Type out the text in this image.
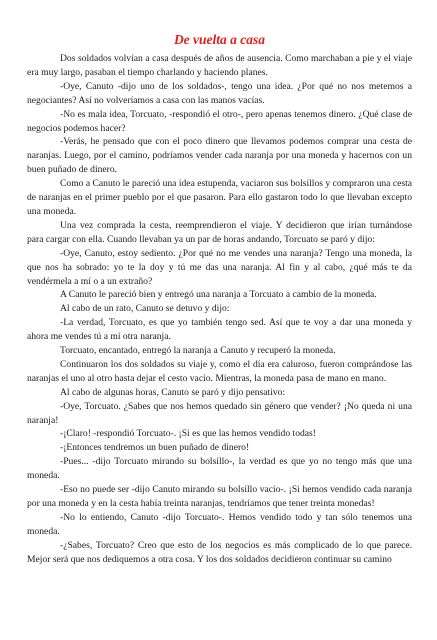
De vuelta a casa

Dos soldados volvían a casa después de años de ausencia. Como marchaban a pie y el viaje era muy largo, pasaban el tiempo charlando y haciendo planes.

-Oye, Canuto -dijo uno de los soldados-, tengo una idea. ¿Por qué no nos metemos a negociantes? Así no volveríamos a casa con las manos vacías.

-No es mala idea, Torcuato, -respondió el otro-, pero apenas tenemos dinero. ¿Qué clase de negocios podemos hacer?

-Verás, he pensado que con el poco dinero que llevamos podemos comprar una cesta de naranjas. Luego, por el camino, podríamos vender cada naranja por una moneda y hacernos con un buen puñado de dinero.

Como a Canuto le pareció una idea estupenda, vaciaron sus bolsillos y compraron una cesta de naranjas en el primer pueblo por el que pasaron. Para ello gastaron todo lo que llevaban excepto una moneda.

Una vez comprada la cesta, reemprendieron el viaje. Y decidieron que irían turnándose para cargar con ella. Cuando llevaban ya un par de horas andando, Torcuato se paró y dijo:

-Oye, Canuto, estoy sediento. ¿Por qué no me vendes una naranja? Tengo una moneda, la que nos ha sobrado: yo te la doy y tú me das una naranja. Al fin y al cabo, ¿qué más te da vendérmela a mí o a un extraño?

A Canuto le pareció bien y entregó una naranja a Torcuato a cambio de la moneda.

Al cabo de un rato, Canuto se detuvo y dijo:

-La verdad, Torcuato, es que yo también tengo sed. Así que te voy a dar una moneda y ahora me vendes tú a mí otra naranja.

Torcuato, encantado, entregó la naranja a Canuto y recuperó la moneda.

Continuaron los dos soldados su viaje y, como el día era caluroso, fueron comprándose las naranjas el uno al otro hasta dejar el cesto vacío. Mientras, la moneda pasa de mano en mano.

Al cabo de algunas horas, Canuto se paró y dijo pensativo:

-Oye, Torcuato. ¿Sabes que nos hemos quedado sin género que vender? ¡No queda ni una naranja!

-¡Claro! -respondió Torcuato-. ¡Si es que las hemos vendido todas!

-¡Entonces tendremos un buen puñado de dinero!

-Pues... -dijo Torcuato mirando su bolsillo-, la verdad es que yo no tengo más que una moneda.

-Eso no puede ser -dijo Canuto mirando su bolsillo vacío-. ¡Si hemos vendido cada naranja por una moneda y en la cesta había treinta naranjas, tendríamos que tener treinta monedas!

-No lo entiendo, Canuto -dijo Torcuato-. Hemos vendido todo y tan sólo tenemos una moneda.

-¿Sabes, Torcuato? Creo que esto de los negocios es más complicado de lo que parece. Mejor será que nos dediquemos a otra cosa. Y los dos soldados decidieron continuar su camino
